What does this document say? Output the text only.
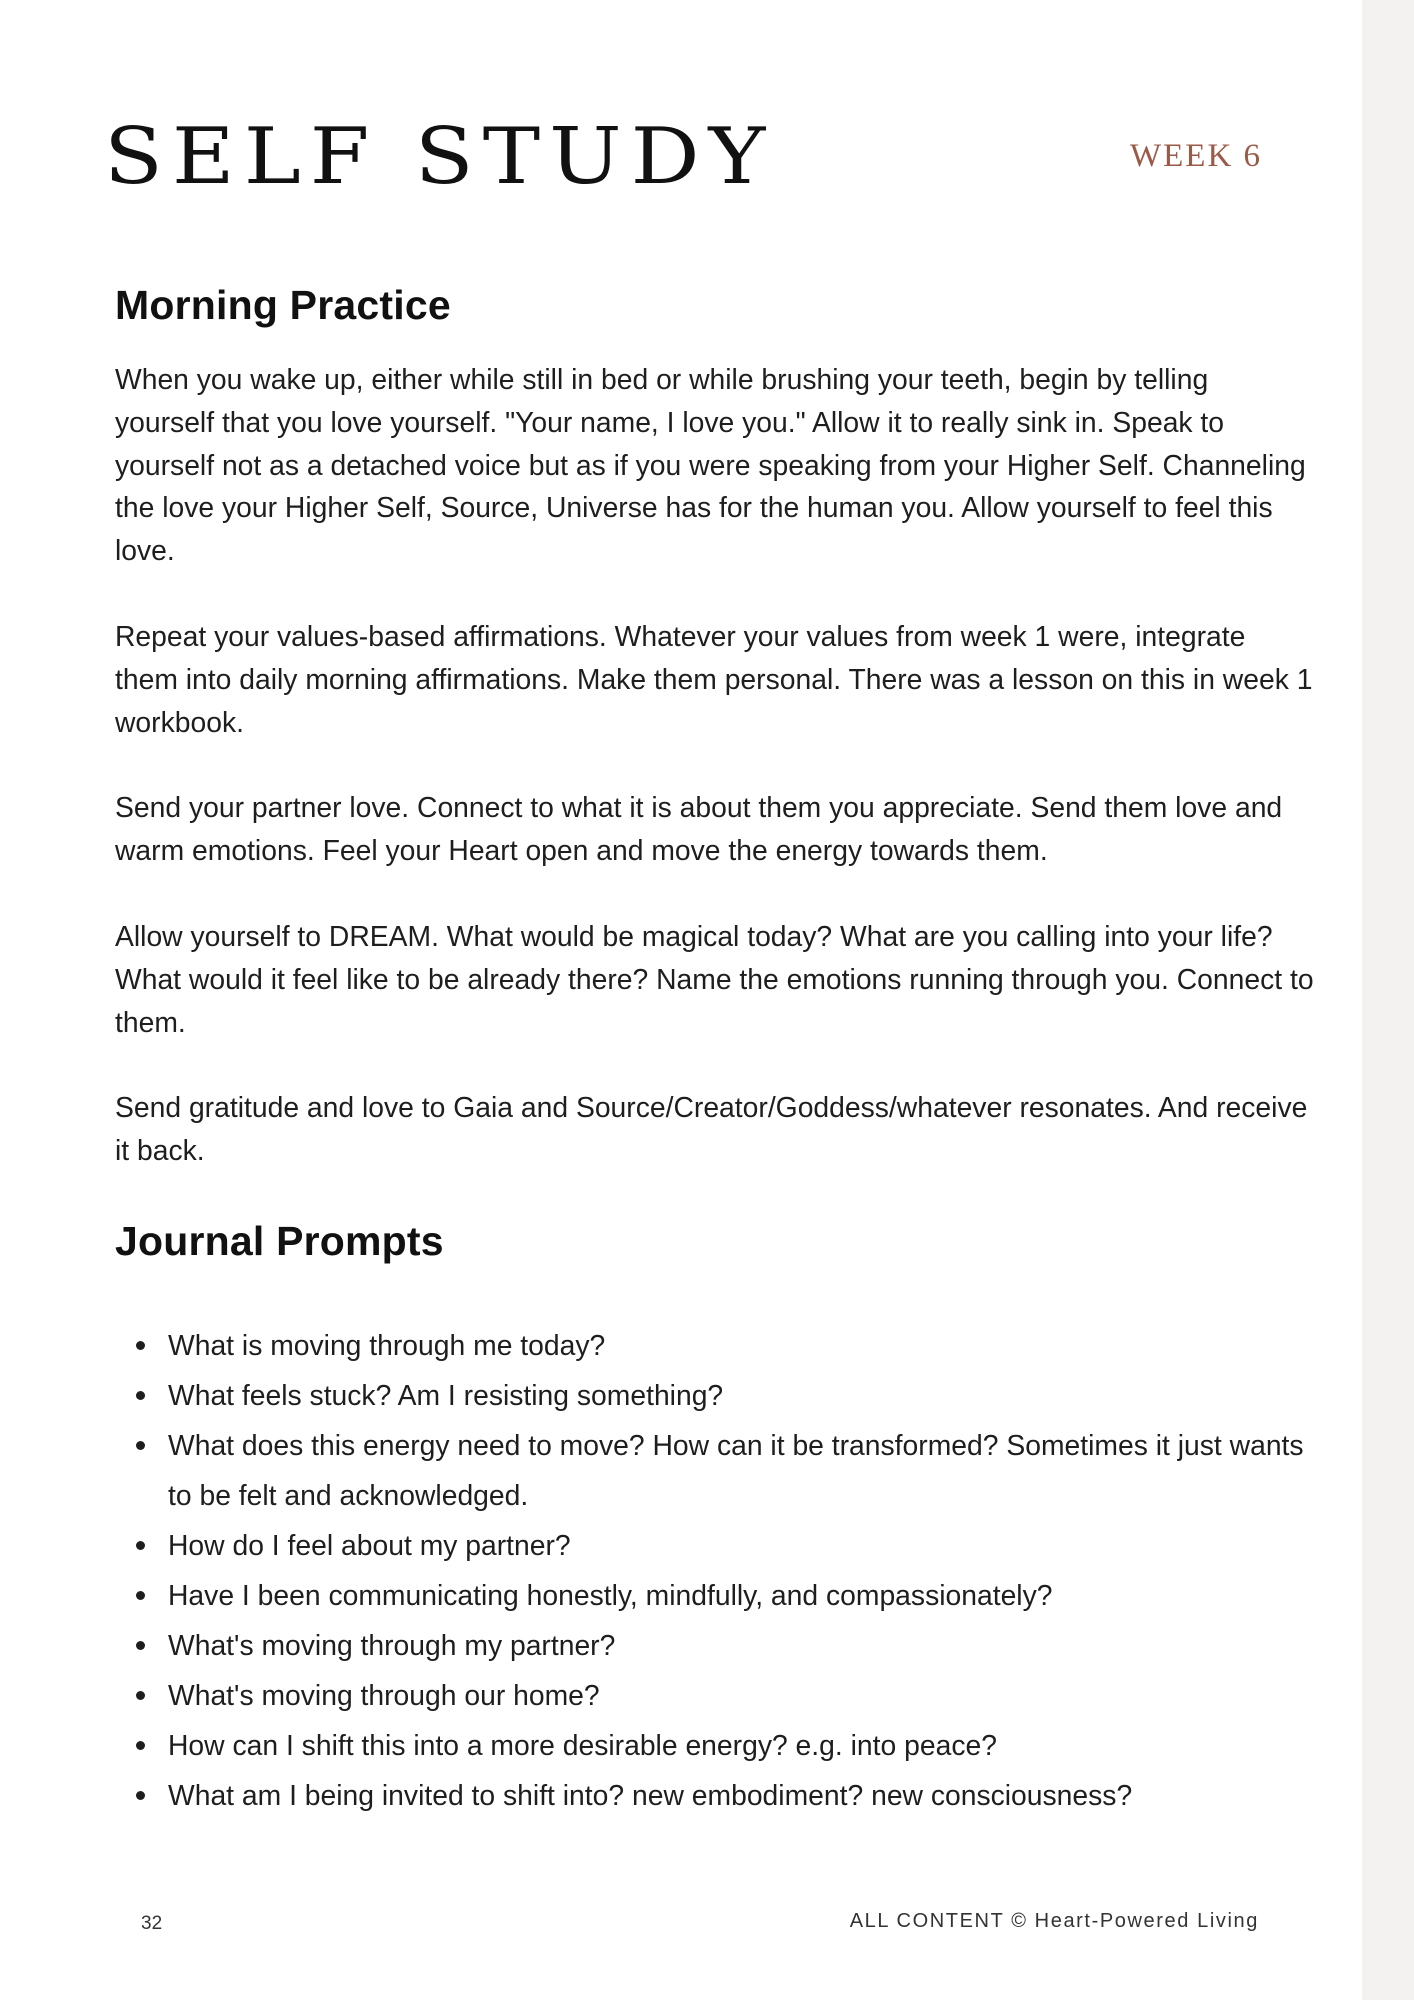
SELF STUDY	WEEK 6
Morning Practice

When you wake up, either while still in bed or while brushing your teeth, begin by telling yourself that you love yourself. "Your name, I love you." Allow it to really sink in. Speak to yourself not as a detached voice but as if you were speaking from your Higher Self. Channeling the love your Higher Self, Source, Universe has for the human you. Allow yourself to feel this love.

Repeat your values-based affirmations. Whatever your values from week 1 were, integrate them into daily morning affirmations. Make them personal. There was a lesson on this in week 1 workbook.

Send your partner love. Connect to what it is about them you appreciate. Send them love and warm emotions. Feel your Heart open and move the energy towards them.

Allow yourself to DREAM. What would be magical today? What are you calling into your life? What would it feel like to be already there? Name the emotions running through you. Connect to them.

Send gratitude and love to Gaia and Source/Creator/Goddess/whatever resonates. And receive it back.

Journal Prompts
What is moving through me today?
What feels stuck? Am I resisting something?
What does this energy need to move? How can it be transformed? Sometimes it just wants to be felt and acknowledged.
How do I feel about my partner?
Have I been communicating honestly, mindfully, and compassionately?
What's moving through my partner?
What's moving through our home?
How can I shift this into a more desirable energy? e.g. into peace?
What am I being invited to shift into? new embodiment? new consciousness?
32	ALL CONTENT © Heart-Powered Living
